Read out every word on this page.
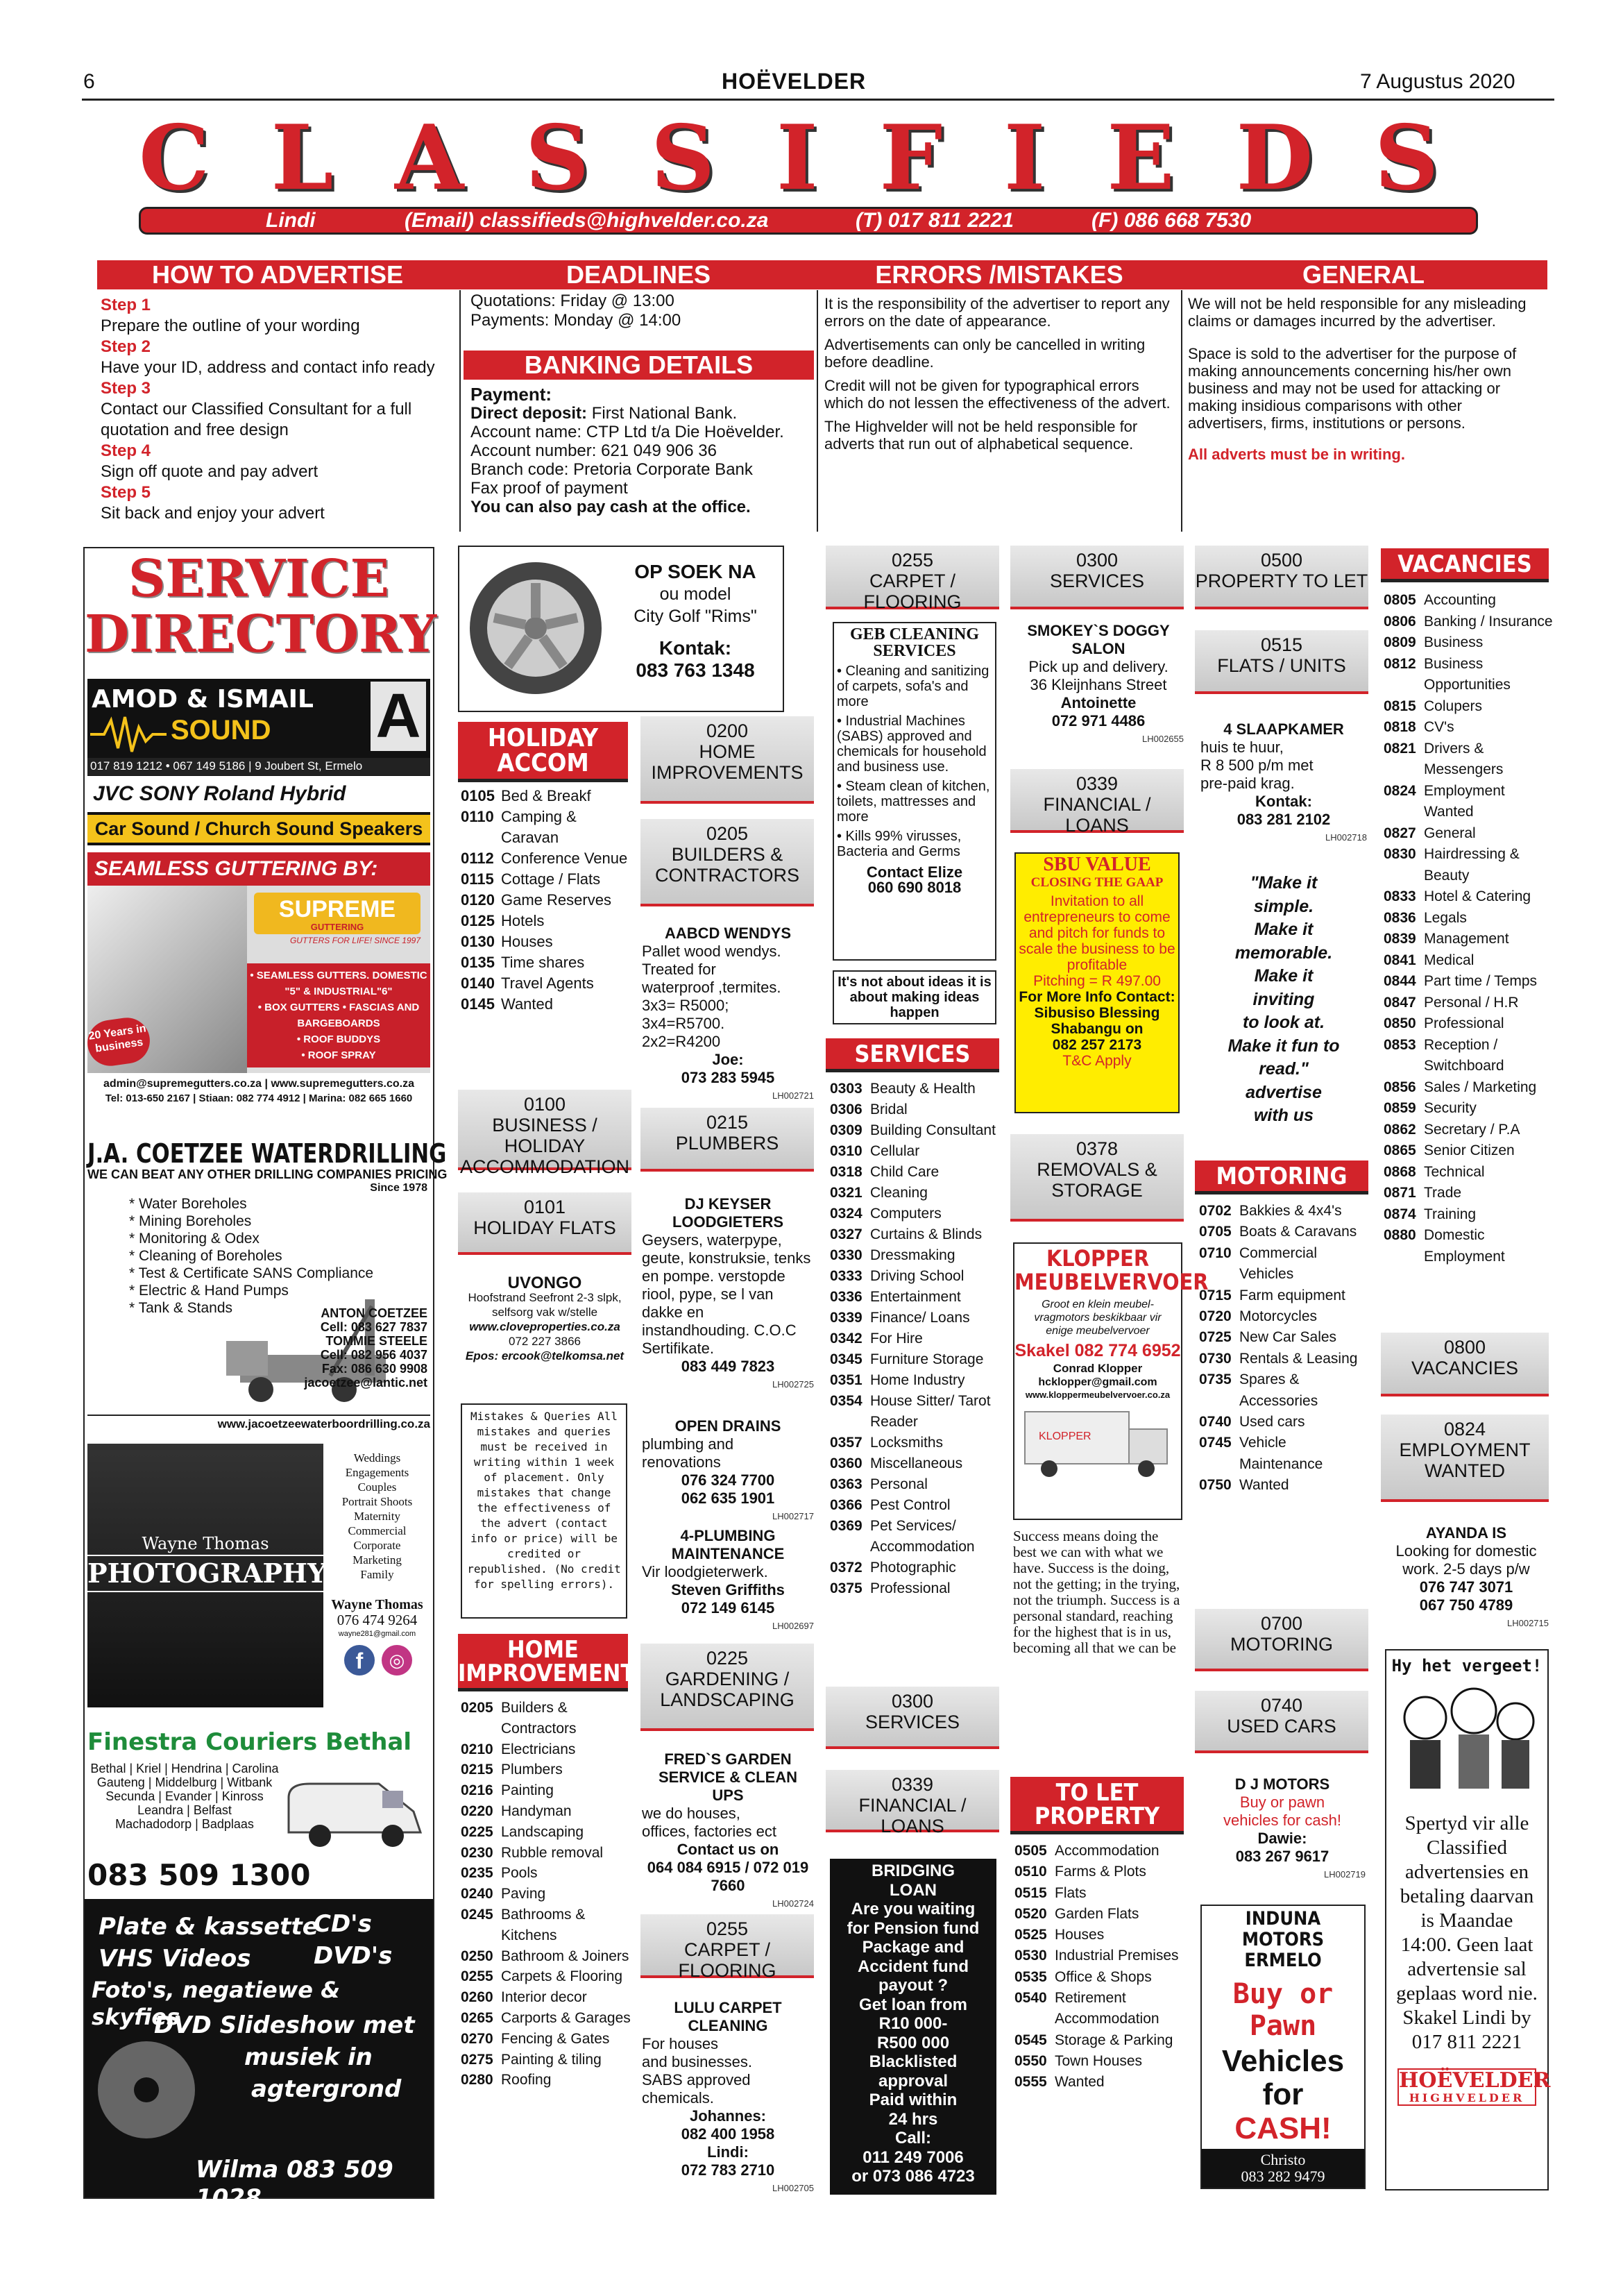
6	HOËVELDER	7 Augustus 2020
C L A S S I F I E D S
Lindi	(Email) classifieds@highvelder.co.za	(T) 017 811 2221	(F) 086 668 7530
HOW TO ADVERTISE	DEADLINES	ERRORS /MISTAKES	GENERAL
Step 1
Prepare the outline of your wording
Step 2
Have your ID, address and contact info ready
Step 3
Contact our Classified Consultant for a full quotation and free design
Step 4
Sign off quote and pay advert
Step 5
Sit back and enjoy your advert
Quotations: Friday @ 13:00
Payments: Monday @ 14:00
BANKING DETAILS
Payment:
Direct deposit: First National Bank.
Account name: CTP Ltd t/a Die Hoëvelder.
Account number: 621 049 906 36
Branch code: Pretoria Corporate Bank
Fax proof of payment
You can also pay cash at the office.

It is the responsibility of the advertiser to report any errors on the date of appearance.

Advertisements can only be cancelled in writing before deadline.

Credit will not be given for typographical errors which do not lessen the effectiveness of the advert.

The Highvelder will not be held responsible for adverts that run out of alphabetical sequence.

We will not be held responsible for any misleading claims or damages incurred by the advertiser.

Space is sold to the advertiser for the purpose of making announcements concerning his/her own business and may not be used for attacking or making insidious comparisons with other advertisers, firms, institutions or persons.

All adverts must be in writing.

SERVICE
DIRECTORY
AMOD & ISMAIL
SOUND A
017 819 1212 • 067 149 5186 | 9 Joubert St, Ermelo
JVC SONY Roland Hybrid
Car Sound / Church Sound Speakers
SEAMLESS GUTTERING BY:
SUPREME
GUTTERING
GUTTERS FOR LIFE! SINCE 1997
• SEAMLESS GUTTERS. DOMESTIC
"5" & INDUSTRIAL"6"
• BOX GUTTERS • FASCIAS AND
BARGEBOARDS
• ROOF BUDDYS
• ROOF SPRAY
20 Years in business
admin@supremegutters.co.za | www.supremegutters.co.za
Tel: 013-650 2167 | Stiaan: 082 774 4912 | Marina: 082 665 1660
J.A. COETZEE WATERDRILLING
WE CAN BEAT ANY OTHER DRILLING COMPANIES PRICING
Since 1978
* Water Boreholes
* Mining Boreholes
* Monitoring & Odex
* Cleaning of Boreholes
* Test & Certificate SANS Compliance
* Electric & Hand Pumps
* Tank & Stands	ANTON COETZEE
Cell: 083 627 7837
TOMMIE STEELE
Cell: 082 956 4037
Fax: 086 630 9908
jacoetzee@lantic.net
www.jacoetzeewaterboordrilling.co.za
Wayne Thomas
PHOTOGRAPHY
Weddings
Engagements
Couples
Portrait Shoots
Maternity
Commercial
Corporate
Marketing
Family
Wayne Thomas
076 474 9264
wayne281@gmail.com
f	◎
Finestra Couriers Bethal
Bethal | Kriel | Hendrina | Carolina
Gauteng | Middelburg | Witbank
Secunda | Evander | Kinross
Leandra | Belfast
Machadodorp | Badplaas
083 509 1300
Plate & kassette
CD's
VHS Videos	DVD's
Foto's, negatiewe & skyfies
DVD Slideshow met
musiek in
agtergrond
Wilma 083 509 1028
OP SOEK NA
ou model
City Golf "Rims"
Kontak:
083 763 1348
HOLIDAY ACCOM
0105 Bed & Breakf
0110 Camping & Caravan
0112 Conference Venue
0115 Cottage / Flats
0120 Game Reserves
0125 Hotels
0130 Houses
0135 Time shares
0140 Travel Agents
0145 Wanted
0100
BUSINESS / HOLIDAY ACCOMMODATION
0101
HOLIDAY FLATS
UVONGO
Hoofstrand Seefront 2-3 slpk, selfsorg vak w/stelle
www.cloveproperties.co.za
072 227 3866
Epos: ercook@telkomsa.net
Mistakes & Queries All mistakes and queries must be received in writing within 1 week of placement. Only mistakes that change the effectiveness of the advert (contact info or price) will be credited or republished. (No credit for spelling errors).
HOME IMPROVEMENT
0205 Builders & Contractors
0210 Electricians
0215 Plumbers
0216 Painting
0220 Handyman
0225 Landscaping
0230 Rubble removal
0235 Pools
0240 Paving
0245 Bathrooms & Kitchens
0250 Bathroom & Joiners
0255 Carpets & Flooring
0260 Interior decor
0265 Carports & Garages
0270 Fencing & Gates
0275 Painting & tiling
0280 Roofing
0200
HOME IMPROVEMENTS
0205
BUILDERS & CONTRACTORS
AABCD WENDYS
Pallet wood wendys.
Treated for
waterproof ,termites.
3x3= R5000;
3x4=R5700.
2x2=R4200
Joe:
073 283 5945
LH002721
0215
PLUMBERS
DJ KEYSER LOODGIETERS
Geysers, waterpype, geute, konstruksie, tenks en pompe. verstopde riool, pype, se l van dakke en instandhouding. C.O.C Sertifikate.
083 449 7823
LH002725
OPEN DRAINS
plumbing and
renovations
076 324 7700
062 635 1901
LH002717
4-PLUMBING MAINTENANCE
Vir loodgieterwerk.
Steven Griffiths
072 149 6145
LH002697
0225
GARDENING / LANDSCAPING
FRED`S GARDEN SERVICE & CLEAN UPS
we do houses,
offices, factories ect
Contact us on
064 084 6915 / 072 019 7660
LH002724
0255
CARPET / FLOORING
LULU CARPET CLEANING
For houses
and businesses.
SABS approved
chemicals.
Johannes:
082 400 1958
Lindi:
072 783 2710
LH002705
0255
CARPET / FLOORING
GEB CLEANING SERVICES
• Cleaning and sanitizing of carpets, sofa's and more
• Industrial Machines (SABS) approved and chemicals for household and business use.
• Steam clean of kitchen, toilets, mattresses and more
• Kills 99% virusses, Bacteria and Germs
Contact Elize
060 690 8018
It's not about ideas it is about making ideas happen
SERVICES
0303 Beauty & Health
0306 Bridal
0309 Building Consultant
0310 Cellular
0318 Child Care
0321 Cleaning
0324 Computers
0327 Curtains & Blinds
0330 Dressmaking
0333 Driving School
0336 Entertainment
0339 Finance/ Loans
0342 For Hire
0345 Furniture Storage
0351 Home Industry
0354 House Sitter/ Tarot Reader
0357 Locksmiths
0360 Miscellaneous
0363 Personal
0366 Pest Control
0369 Pet Services/ Accommodation
0372 Photographic
0375 Professional
0300
SERVICES
0339
FINANCIAL / LOANS
BRIDGING
LOAN
Are you waiting
for Pension fund
Package and
Accident fund
payout ?
Get loan from
R10 000-
R500 000
Blacklisted
approval
Paid within
24 hrs
Call:
011 249 7006
or 073 086 4723
0300
SERVICES
SMOKEY`S DOGGY SALON
Pick up and delivery.
36 Kleijnhans Street
Antoinette
072 971 4486
LH002655
0339
FINANCIAL / LOANS
SBU VALUE
CLOSING THE GAAP
Invitation to all entrepreneurs to come and pitch for funds to scale the business to be profitable
Pitching = R 497.00
For More Info Contact:
Sibusiso Blessing Shabangu on
082 257 2173
T&C Apply
0378
REMOVALS & STORAGE
KLOPPER MEUBELVERVOER
Groot en klein meubel-vragmotors beskikbaar vir enige meubelvervoer
Skakel 082 774 6952
Conrad Klopper
hcklopper@gmail.com
www.kloppermeubelvervoer.co.za
KLOPPER
Success means doing the best we can with what we have. Success is the doing, not the getting; in the trying, not the triumph. Success is a personal standard, reaching for the highest that is in us, becoming all that we can be
TO LET PROPERTY
0505 Accommodation
0510 Farms & Plots
0515 Flats
0520 Garden Flats
0525 Houses
0530 Industrial Premises
0535 Office & Shops
0540 Retirement Accommodation
0545 Storage & Parking
0550 Town Houses
0555 Wanted
0500
PROPERTY TO LET
0515
FLATS / UNITS
4 SLAAPKAMER
huis te huur,
R 8 500 p/m met
pre-paid krag.
Kontak:
083 281 2102
LH002718
"Make it
simple.
Make it
memorable.
Make it
inviting
to look at.
Make it fun to
read."
advertise
with us
MOTORING
0702 Bakkies & 4x4's
0705 Boats & Caravans
0710 Commercial Vehicles
0715 Farm equipment
0720 Motorcycles
0725 New Car Sales
0730 Rentals & Leasing
0735 Spares & Accessories
0740 Used cars
0745 Vehicle Maintenance
0750 Wanted
0700
MOTORING
0740
USED CARS
D J MOTORS
Buy or pawn
vehicles for cash!
Dawie:
083 267 9617
LH002719
INDUNA MOTORS
ERMELO
Buy or
Pawn
Vehicles
for
CASH!
Christo
083 282 9479
VACANCIES
0805 Accounting
0806 Banking / Insurance
0809 Business
0812 Business Opportunities
0815 Colupers
0818 CV's
0821 Drivers & Messengers
0824 Employment Wanted
0827 General
0830 Hairdressing & Beauty
0833 Hotel & Catering
0836 Legals
0839 Management
0841 Medical
0844 Part time / Temps
0847 Personal / H.R
0850 Professional
0853 Reception / Switchboard
0856 Sales / Marketing
0859 Security
0862 Secretary / P.A
0865 Senior Citizen
0868 Technical
0871 Trade
0874 Training
0880 Domestic Employment
0800
VACANCIES
0824
EMPLOYMENT WANTED
AYANDA IS
Looking for domestic
work. 2-5 days p/w
076 747 3071
067 750 4789
LH002715
Hy het vergeet!
Spertyd vir alle Classified advertensies en betaling daarvan is Maandae 14:00. Geen laat advertensie sal geplaas word nie. Skakel Lindi by 017 811 2221
HOËVELDER
HIGHVELDER
